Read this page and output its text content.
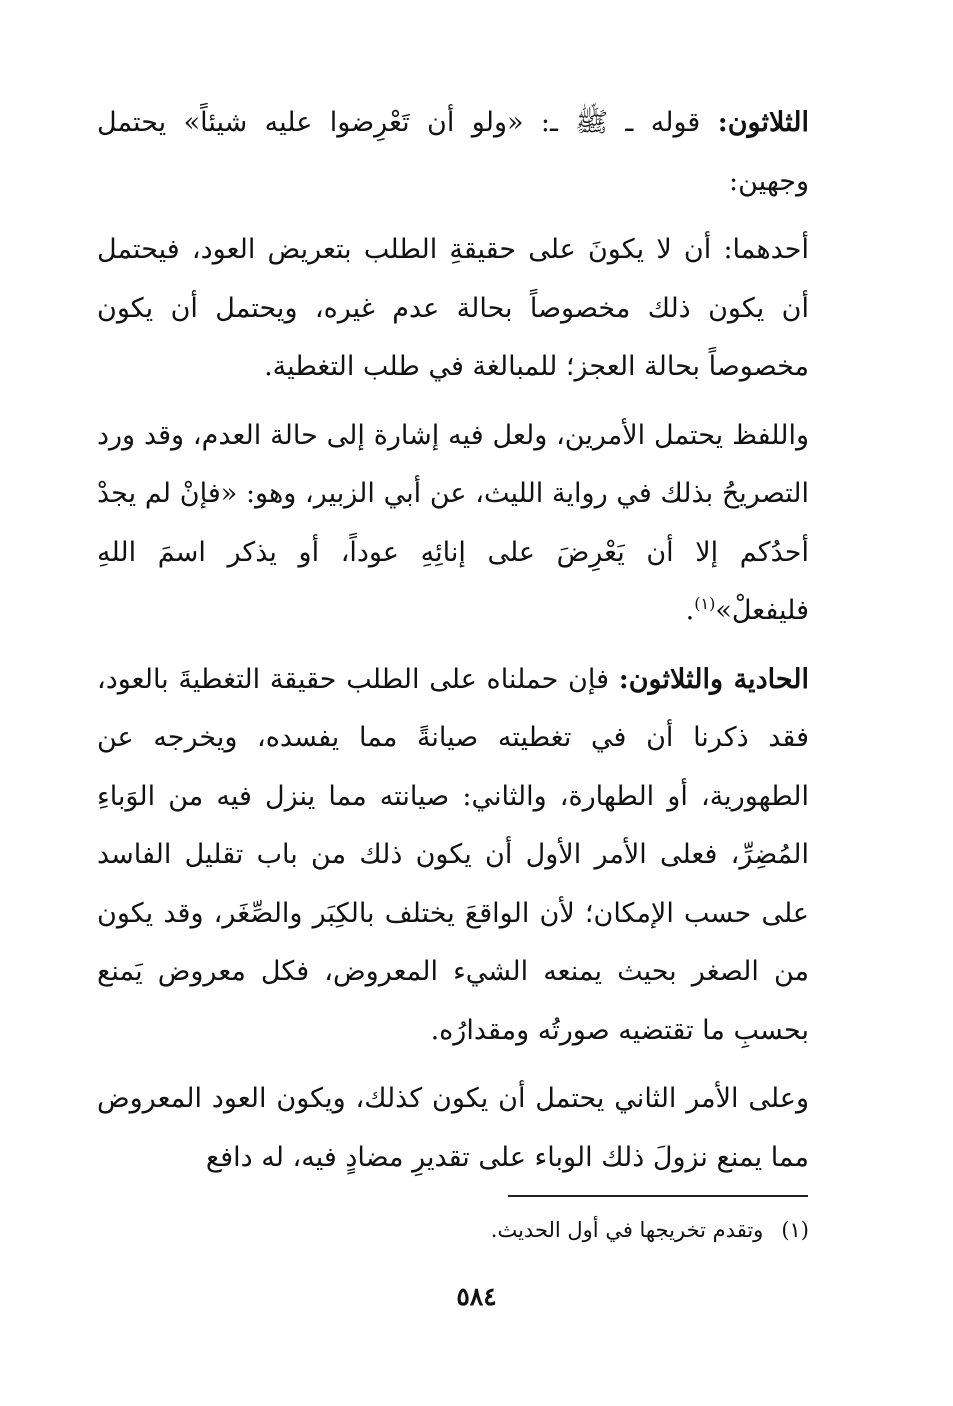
الثلاثون: قوله ـ ﷺ ـ: «ولو أن تَعْرِضوا عليه شيئاً» يحتمل وجهين:

أحدهما: أن لا يكونَ على حقيقةِ الطلب بتعريض العود، فيحتمل أن يكون ذلك مخصوصاً بحالة عدم غيره، ويحتمل أن يكون مخصوصاً بحالة العجز؛ للمبالغة في طلب التغطية.

واللفظ يحتمل الأمرين، ولعل فيه إشارة إلى حالة العدم، وقد ورد التصريحُ بذلك في رواية الليث، عن أبي الزبير، وهو: «فإنْ لم يجدْ أحدُكم إلا أن يَعْرِضَ على إنائِهِ عوداً، أو يذكر اسمَ اللهِ فليفعلْ»$^{(١)}$.

الحادية والثلاثون: فإن حملناه على الطلب حقيقة التغطيةَ بالعود، فقد ذكرنا أن في تغطيته صيانةً مما يفسده، ويخرجه عن الطهورية، أو الطهارة، والثاني: صيانته مما ينزل فيه من الوَباءِ المُضِرِّ، فعلى الأمر الأول أن يكون ذلك من باب تقليل الفاسد على حسب الإمكان؛ لأن الواقعَ يختلف بالكِبَر والصِّغَر، وقد يكون من الصغر بحيث يمنعه الشيء المعروض، فكل معروض يَمنع بحسبِ ما تقتضيه صورتُه ومقدارُه.

وعلى الأمر الثاني يحتمل أن يكون كذلك، ويكون العود المعروض مما يمنع نزولَ ذلك الوباء على تقديرِ مضادٍ فيه، له دافع

(١)وتقدم تخريجها في أول الحديث.
٥٨٤
